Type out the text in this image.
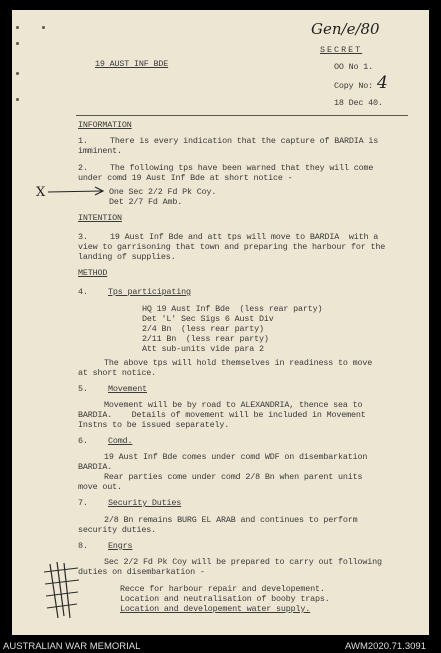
Gen/e/80
19 AUST INF BDE
SECRET
OO No 1.
Copy No: 4
18 Dec 40.
INFORMATION
1.	There is every indication that the capture of BARDIA is
imminent.
2.	The following tps have been warned that they will come
under comd 19 Aust Inf Bde at short notice -
X	One Sec 2/2 Fd Pk Coy.
Det 2/7 Fd Amb.
INTENTION
3.	19 Aust Inf Bde and att tps will move to BARDIA  with a
view to garrisoning that town and preparing the harbour for the
landing of supplies.
METHOD
4. Tps participating
HQ 19 Aust Inf Bde  (less rear party)
Det 'L' Sec Sigs 6 Aust Div
2/4 Bn  (less rear party)
2/11 Bn  (less rear party)
Att sub-units vide para 2
The above tps will hold themselves in readiness to move
at short notice.
5. Movement
Movement will be by road to ALEXANDRIA, thence sea to
BARDIA.    Details of movement will be included in Movement
Instns to be issued separately.
6. Comd.
19 Aust Inf Bde comes under comd WDF on disembarkation
BARDIA.
Rear parties come under comd 2/8 Bn when parent units
move out.
7. Security Duties
2/8 Bn remains BURG EL ARAB and continues to perform
security duties.
8. Engrs
Sec 2/2 Fd Pk Coy will be prepared to carry out following
duties on disembarkation -
Recce for harbour repair and developement.
Location and neutralisation of booby traps.
Location and developement water supply.
AUSTRALIAN WAR MEMORIAL	AWM2020.71.3091
